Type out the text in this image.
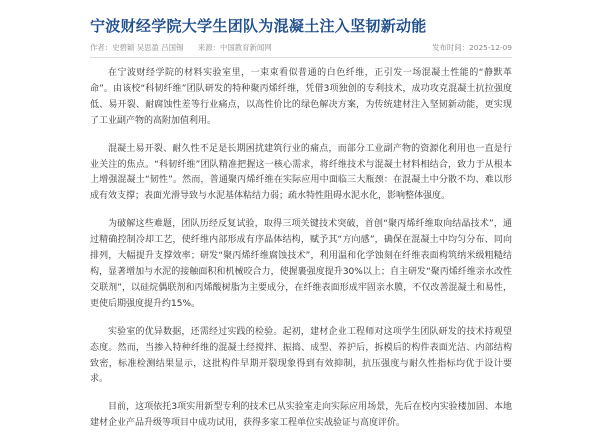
宁波财经学院大学生团队为混凝土注入坚韧新动能
作者：史碧颖 吴思盈 吕国锡 来源：中国教育新闻网	发布时间：2025-12-09

在宁波财经学院的材料实验室里，一束束看似普通的白色纤维，正引发一场混凝土性能的“静默革命”。由该校“科韧纤维”团队研发的特种聚丙烯纤维，凭借3项独创的专利技术，成功攻克混凝土抗拉强度低、易开裂、耐腐蚀性差等行业痛点，以高性价比的绿色解决方案，为传统建材注入坚韧新动能，更实现了工业副产物的高附加值利用。

混凝土易开裂、耐久性不足是长期困扰建筑行业的痛点，而部分工业副产物的资源化利用也一直是行业关注的焦点。“科韧纤维”团队精准把握这一核心需求，将纤维技术与混凝土材料相结合，致力于从根本上增强混凝土“韧性”。然而，普通聚丙烯纤维在实际应用中面临三大瓶颈：在混凝土中分散不均、难以形成有效支撑；表面光滑导致与水泥基体粘结力弱；疏水特性阻碍水泥水化，影响整体强度。

为破解这些难题，团队历经反复试验，取得三项关键技术突破，首创“聚丙烯纤维取向结晶技术”，通过精确控制冷却工艺，使纤维内部形成有序晶体结构，赋予其“方向感”，确保在混凝土中均匀分布、同向排列，大幅提升支撑效率；研发“聚丙烯纤维腐蚀技术”，利用温和化学蚀刻在纤维表面构筑纳米级粗糙结构，显著增加与水泥的接触面积和机械咬合力，使握裹强度提升30%以上；自主研发“聚丙烯纤维亲水改性交联剂”，以硅烷偶联剂和丙烯酸树脂为主要成分，在纤维表面形成牢固亲水膜，不仅改善混凝土和易性，更使后期强度提升约15%。

实验室的优异数据，还需经过实践的检验。起初，建材企业工程师对这项学生团队研发的技术持观望态度。然而，当掺入特种纤维的混凝土经搅拌、振捣、成型、养护后，拆模后的构件表面光洁、内部结构致密，标准检测结果显示，这批构件早期开裂现象得到有效抑制，抗压强度与耐久性指标均优于设计要求。

目前，这项依托3项实用新型专利的技术已从实验室走向实际应用场景，先后在校内实验楼加固、本地建材企业产品升级等项目中成功试用，获得多家工程单位实战验证与高度评价。
